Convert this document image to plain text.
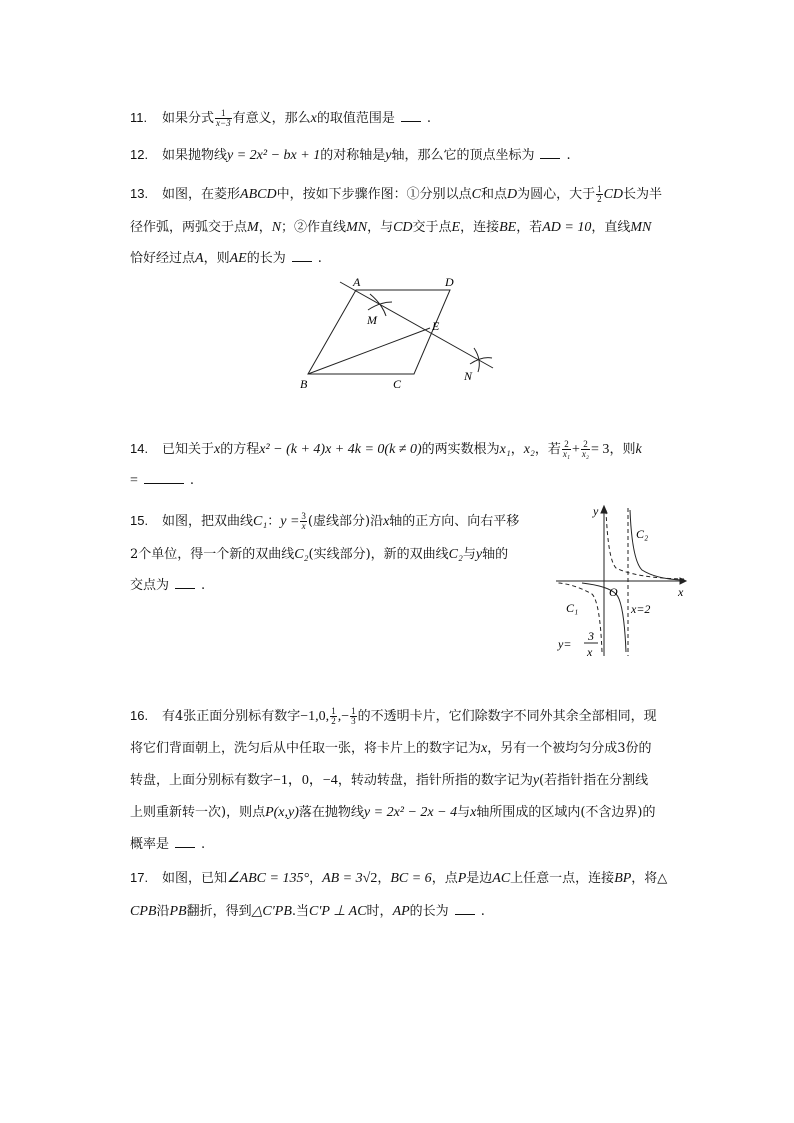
11. 如果分式 $\frac{1}{x-3}$ 有意义，那么x的取值范围是 .
12. 如果抛物线y = 2x² − bx + 1的对称轴是y轴，那么它的顶点坐标为 .
13. 如图，在菱形ABCD中，按如下步骤作图：①分别以点C和点D为圆心，大于 $\frac{1}{2}$ CD长为半
径作弧，两弧交于点M，N；②作直线MN，与CD交于点E，连接BE，若AD = 10，直线MN
恰好经过点A，则AE的长为 .
A	D
E
M
B	C
N
14. 已知关于x的方程x² − (k + 4)x + 4k = 0(k ≠ 0)的两实数根为x₁，x₂，若 $\frac{2}{\text{x₁}} + \frac{2}{\text{x₂}} = 3$，则k
=	.
15. 如图，把双曲线C₁：$y = \frac{3}{x}$ (虚线部分)沿x轴的正方向、向右平移
2个单位，得一个新的双曲线C₂(实线部分)，新的双曲线C₂与y轴的
交点为 .
y
x
O
C₂
C₁	x=2
y=
3
x
16. 有4张正面分别标有数字−1,0, $\frac{1}{2}$ ,− $\frac{1}{3}$ 的不透明卡片，它们除数字不同外其余全部相同，现
将它们背面朝上，洗匀后从中任取一张，将卡片上的数字记为x，另有一个被均匀分成3份的
转盘，上面分别标有数字−1，0，−4，转动转盘，指针所指的数字记为y(若指针指在分割线
上则重新转一次)，则点P(x,y)落在抛物线y = 2x² − 2x − 4与x轴所围成的区域内(不含边界)的
概率是 .
17. 如图，已知∠ABC = 135°，AB = 3√2，BC = 6，点P是边AC上任意一点，连接BP，将△
CPB沿PB翻折，得到△C′PB.当C′P ⊥ AC时，AP的长为 .
